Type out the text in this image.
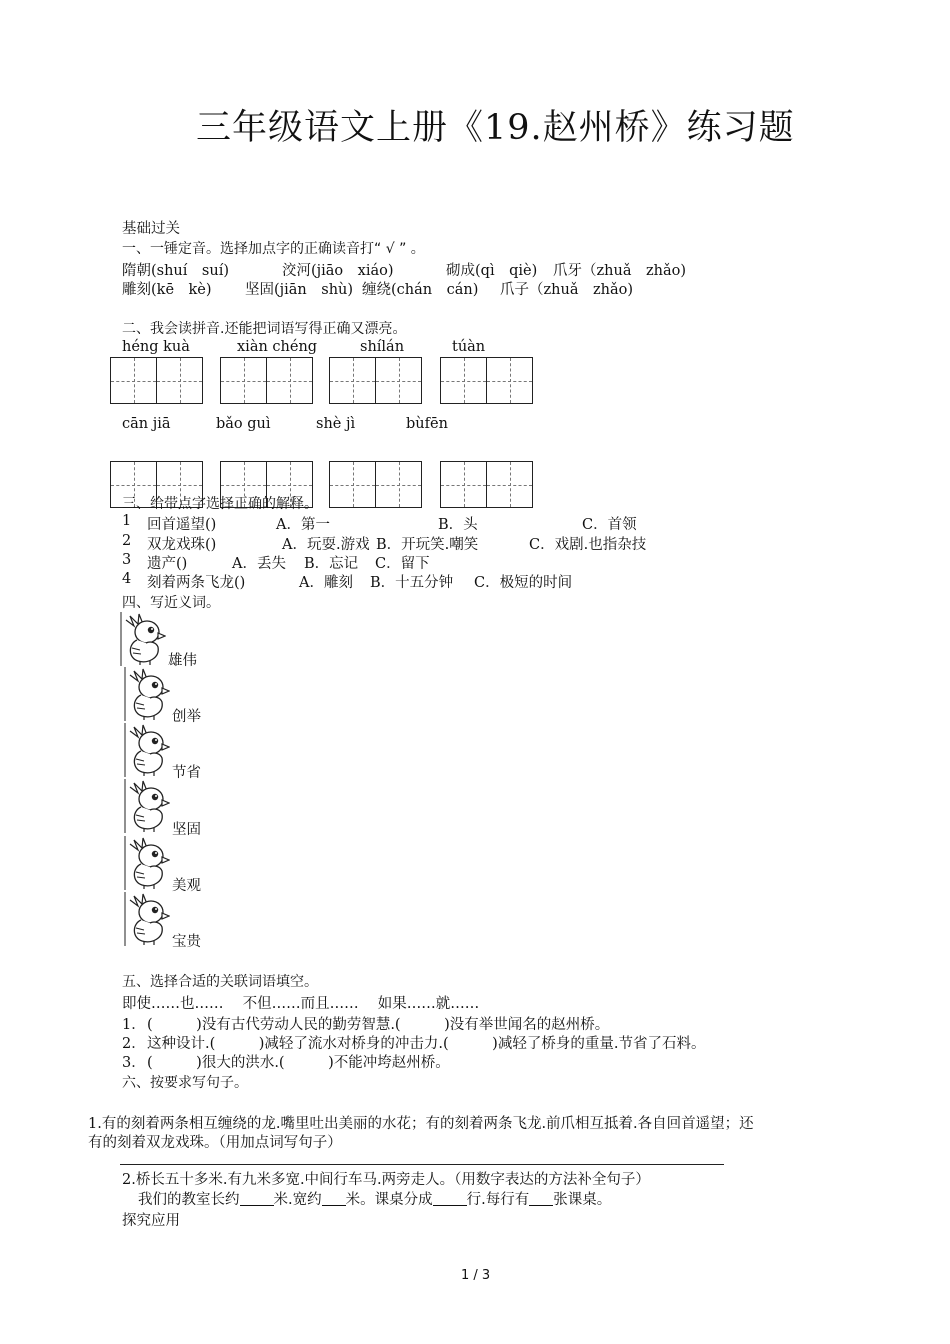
三年级语文上册《19.赵州桥》练习题
基础过关
一、一锤定音。选择加点字的正确读音打“ √ ” 。
隋朝(shuí　suí)	洨河(jiāo　xiáo)	砌成(qì　qiè) 爪牙（zhuǎ　zhǎo)
雕刻(kē　kè) 坚固(jiān　shù) 缠绕(chán　cán) 爪子（zhuǎ　zhǎo)
二、我会读拼音.还能把词语写得正确又漂亮。
héng kuà	xiàn chéng	shílán	túàn
cān jiā	bǎo guì	shè jì	bùfēn
三、给带点字选择正确的解释。
1 回首遥望()	A．第一	B．头	C．首领
2 双龙戏珠()	A．玩耍.游戏 B．开玩笑.嘲笑	C．戏剧.也指杂技
3 遗产()	A．丢失 B．忘记 C．留下
4 刻着两条飞龙()	A．雕刻 B．十五分钟 C．极短的时间
四、写近义词。
雄伟
创举
节省
坚固
美观
宝贵
五、选择合适的关联词语填空。
即使……也……　 不但……而且……　 如果……就……
1． (　　　)没有古代劳动人民的勤劳智慧.(　　　)没有举世闻名的赵州桥。
2． 这种设计.(　　　)减轻了流水对桥身的冲击力.(　　　)减轻了桥身的重量.节省了石料。
3． (　　　)很大的洪水.(　　　)不能冲垮赵州桥。
六、按要求写句子。
1.有的刻着两条相互缠绕的龙.嘴里吐出美丽的水花；有的刻着两条飞龙.前爪相互抵着.各自回首遥望；还
有的刻着双龙戏珠。（用加点词写句子）
2.桥长五十多米.有九米多宽.中间行车马.两旁走人。（用数字表达的方法补全句子）
我们的教室长约 米.宽约 米。课桌分成 行.每行有 张课桌。
探究应用
1 / 3
